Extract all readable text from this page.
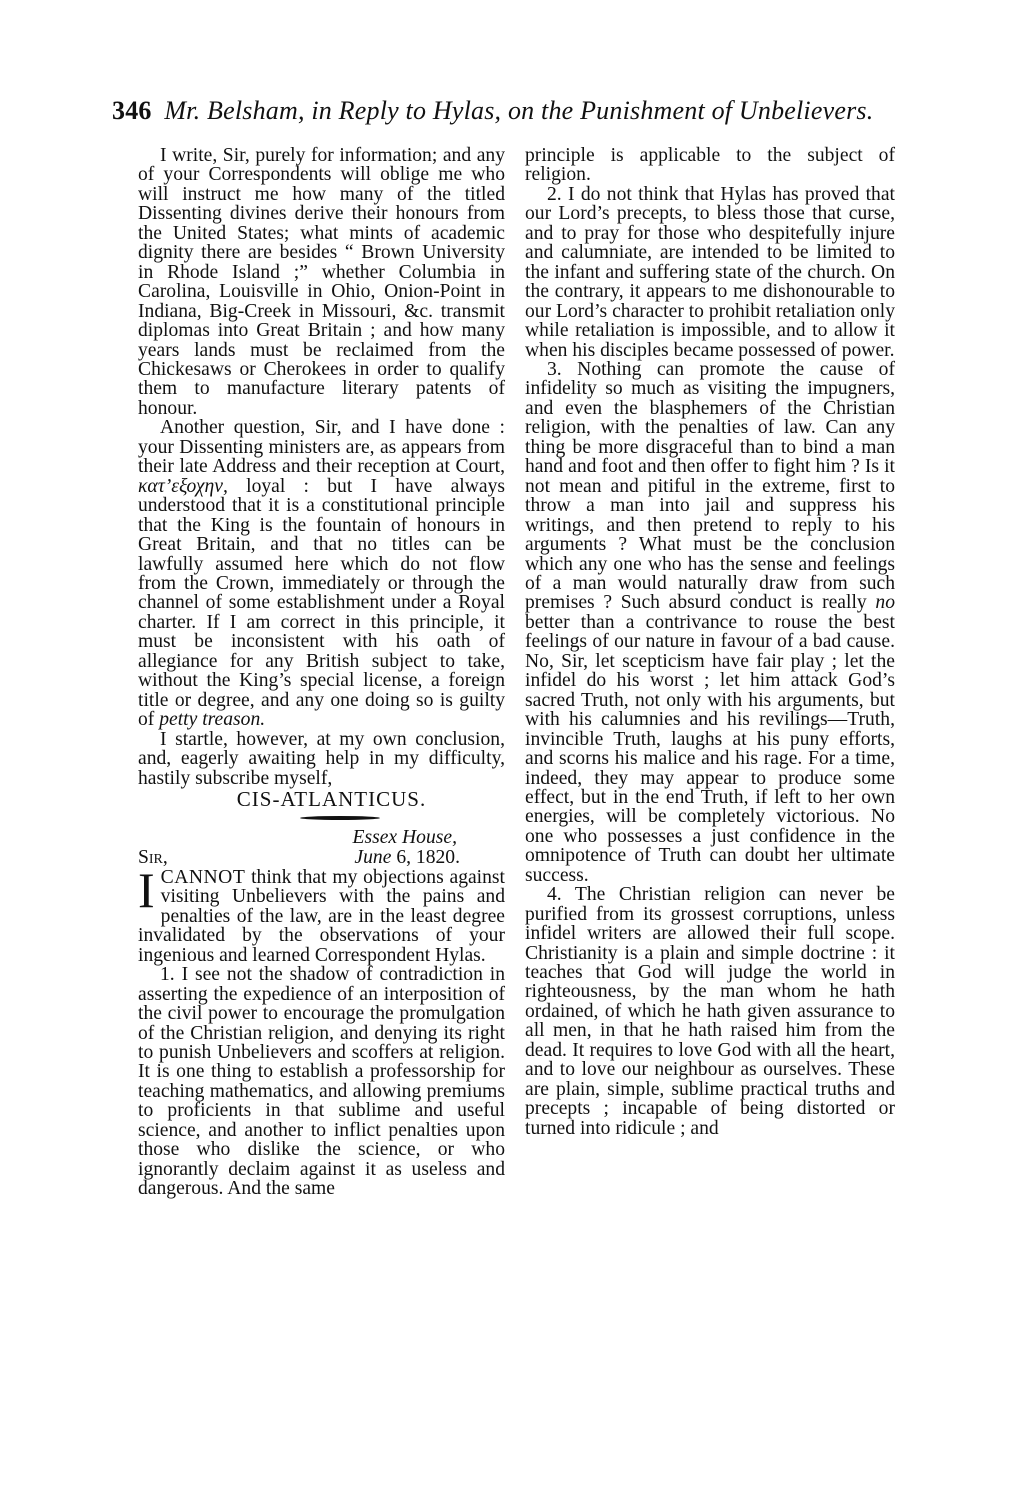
346 Mr. Belsham, in Reply to Hylas, on the Punishment of Unbelievers.

I write, Sir, purely for information; and any of your Correspondents will oblige me who will instruct me how many of the titled Dissenting divines derive their honours from the United States; what mints of academic dignity there are besides “ Brown University in Rhode Island ;” whether Columbia in Carolina, Louisville in Ohio, Onion-Point in Indiana, Big-Creek in Missouri, &c. transmit diplomas into Great Britain ; and how many years lands must be reclaimed from the Chickesaws or Cherokees in order to qualify them to manufacture literary patents of honour.

Another question, Sir, and I have done : your Dissenting ministers are, as appears from their late Address and their reception at Court, κατ’εξοχην, loyal : but I have always understood that it is a constitutional principle that the King is the fountain of honours in Great Britain, and that no titles can be lawfully assumed here which do not flow from the Crown, immediately or through the channel of some establishment under a Royal charter. If I am correct in this principle, it must be inconsistent with his oath of allegiance for any British subject to take, without the King’s special license, a foreign title or degree, and any one doing so is guilty of petty treason.

I startle, however, at my own conclusion, and, eagerly awaiting help in my difficulty, hastily subscribe myself,

CIS-ATLANTICUS.
Essex House,
Sir,	June 6, 1820.

ICANNOT think that my objections against visiting Unbelievers with the pains and penalties of the law, are in the least degree invalidated by the observations of your ingenious and learned Correspondent Hylas.

1. I see not the shadow of contradiction in asserting the expedience of an interposition of the civil power to encourage the promulgation of the Christian religion, and denying its right to punish Unbelievers and scoffers at religion. It is one thing to establish a professorship for teaching mathematics, and allowing premiums to proficients in that sublime and useful science, and another to inflict penalties upon those who dislike the science, or who ignorantly declaim against it as useless and dangerous. And the same

principle is applicable to the subject of religion.

2. I do not think that Hylas has proved that our Lord’s precepts, to bless those that curse, and to pray for those who despitefully injure and calumniate, are intended to be limited to the infant and suffering state of the church. On the contrary, it appears to me dishonourable to our Lord’s character to prohibit retaliation only while retaliation is impossible, and to allow it when his disciples became possessed of power.

3. Nothing can promote the cause of infidelity so much as visiting the impugners, and even the blasphemers of the Christian religion, with the penalties of law. Can any thing be more disgraceful than to bind a man hand and foot and then offer to fight him ? Is it not mean and pitiful in the extreme, first to throw a man into jail and suppress his writings, and then pretend to reply to his arguments ? What must be the conclusion which any one who has the sense and feelings of a man would naturally draw from such premises ? Such absurd conduct is really no better than a contrivance to rouse the best feelings of our nature in favour of a bad cause. No, Sir, let scepticism have fair play ; let the infidel do his worst ; let him attack God’s sacred Truth, not only with his arguments, but with his calumnies and his revilings—Truth, invincible Truth, laughs at his puny efforts, and scorns his malice and his rage. For a time, indeed, they may appear to produce some effect, but in the end Truth, if left to her own energies, will be completely victorious. No one who possesses a just confidence in the omnipotence of Truth can doubt her ultimate success.

4. The Christian religion can never be purified from its grossest corruptions, unless infidel writers are allowed their full scope. Christianity is a plain and simple doctrine : it teaches that God will judge the world in righteousness, by the man whom he hath ordained, of which he hath given assurance to all men, in that he hath raised him from the dead. It requires to love God with all the heart, and to love our neighbour as ourselves. These are plain, simple, sublime practical truths and precepts ; incapable of being distorted or turned into ridicule ; and
